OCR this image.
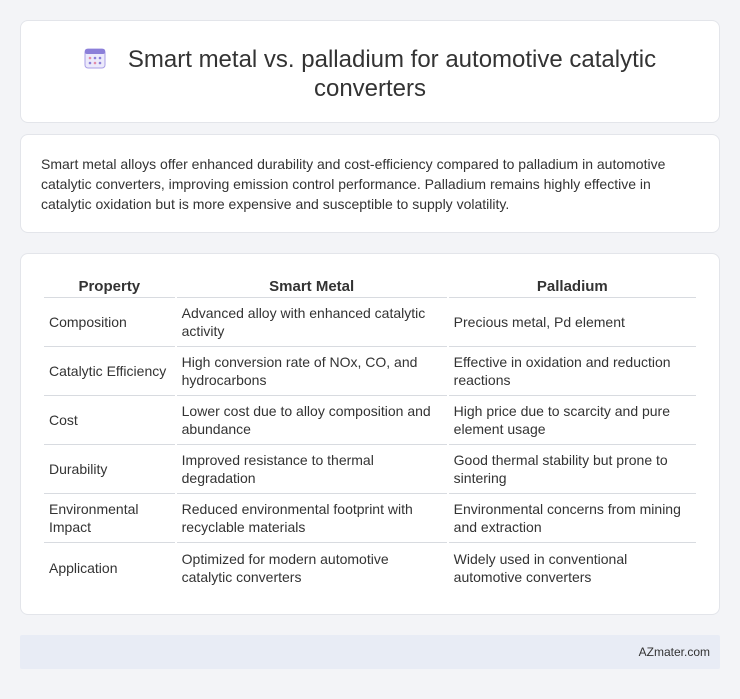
Smart metal vs. palladium for automotive catalytic converters

Smart metal alloys offer enhanced durability and cost-efficiency compared to palladium in automotive catalytic converters, improving emission control performance. Palladium remains highly effective in catalytic oxidation but is more expensive and susceptible to supply volatility.

Property	Smart Metal	Palladium
Composition	Advanced alloy with enhanced catalytic activity	Precious metal, Pd element
Catalytic Efficiency	High conversion rate of NOx, CO, and hydrocarbons	Effective in oxidation and reduction reactions
Cost	Lower cost due to alloy composition and abundance	High price due to scarcity and pure element usage
Durability	Improved resistance to thermal degradation	Good thermal stability but prone to sintering
Environmental Impact	Reduced environmental footprint with recyclable materials	Environmental concerns from mining and extraction
Application	Optimized for modern automotive catalytic converters	Widely used in conventional automotive converters
AZmater.com
